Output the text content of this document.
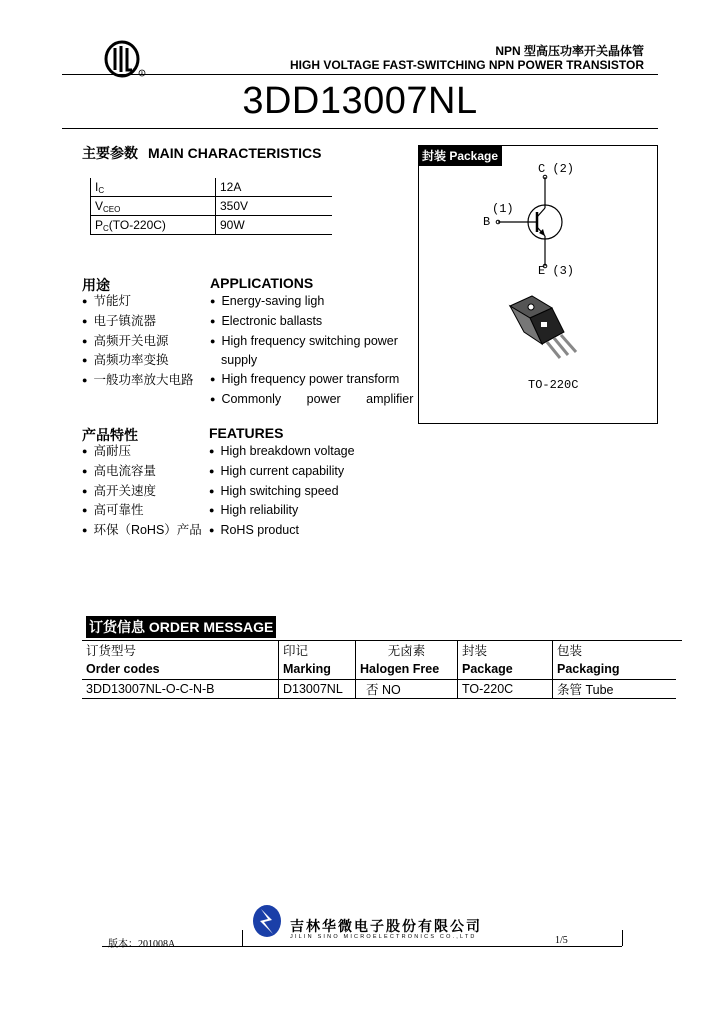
R
NPN 型高压功率开关晶体管
HIGH VOLTAGE FAST-SWITCHING NPN POWER TRANSISTOR
3DD13007NL
主要参数 MAIN CHARACTERISTICS
$I_C$	12A
$V_{CEO}$	350V
$P_C(TO-220C)$	90W
用途	APPLICATIONS
● 节能灯
● 电子镇流器
● 高频开关电源
● 高频功率变换
● 一般功率放大电路
● Energy-saving ligh
● Electronic ballasts
● High frequency switching power
supply
● High frequency power transform
● Commonly power amplifier
产品特性	FEATURES
● 高耐压
● 高电流容量
● 高开关速度
● 高可靠性
● 环保（RoHS）产品
● High breakdown voltage
● High current capability
● High switching speed
● High reliability
● RoHS product
封装 Package
C (2)
(1)
B
E (3)
TO-220C
订货信息 ORDER MESSAGE
订货型号	印记	无卤素	封装	包装

Order codes	Marking	Halogen Free	Package	Packaging
3DD13007NL-O-C-N-B	D13007NL	否 NO	TO-220C	条管 Tube
吉林华微电子股份有限公司
JILIN SINO MICROELECTRONICS CO.,LTD
版本：201008A	1/5
